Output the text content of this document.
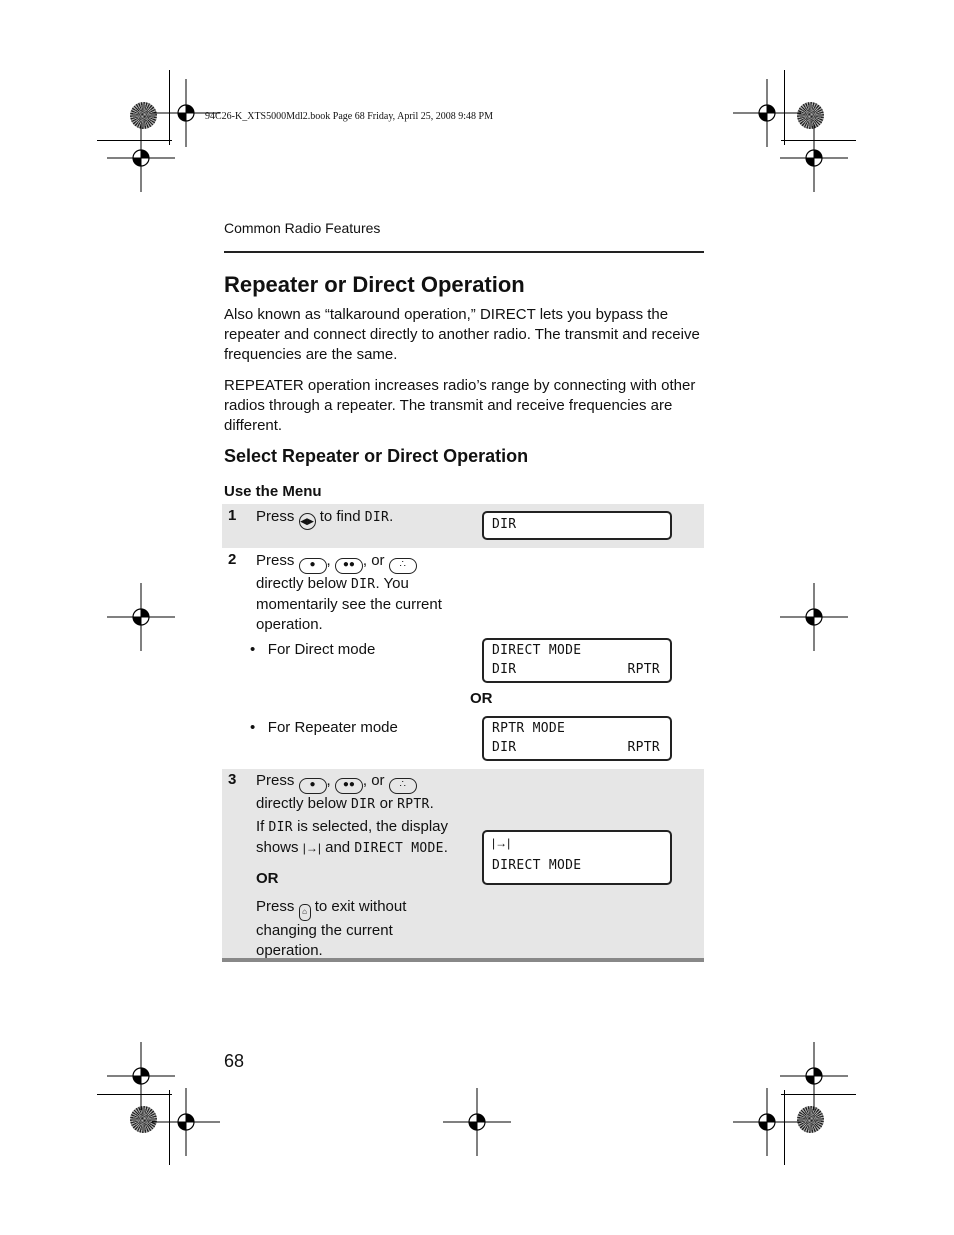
94C26-K_XTS5000Mdl2.book Page 68 Friday, April 25, 2008 9:48 PM
Common Radio Features
Repeater or Direct Operation

Also known as “talkaround operation,” DIRECT lets you bypass the repeater and connect directly to another radio. The transmit and receive frequencies are the same.

REPEATER operation increases radio’s range by connecting with other radios through a repeater. The transmit and receive frequencies are different.

Select Repeater or Direct Operation
Use the Menu
1 Press ◀▶ to find DIR.	DIR
2 Press ● , ●● , or ∴ directly below DIR. You momentarily see the current operation.
• For Direct mode	DIRECT MODE
DIR	RPTR
OR
• For Repeater mode	RPTR MODE
DIR	RPTR
3 Press ● , ●● , or ∴ directly below DIR or RPTR.
If DIR is selected, the display shows |→| and DIRECT MODE.
OR
Press ⌂ to exit without changing the current operation.
|→|
DIRECT MODE
68
